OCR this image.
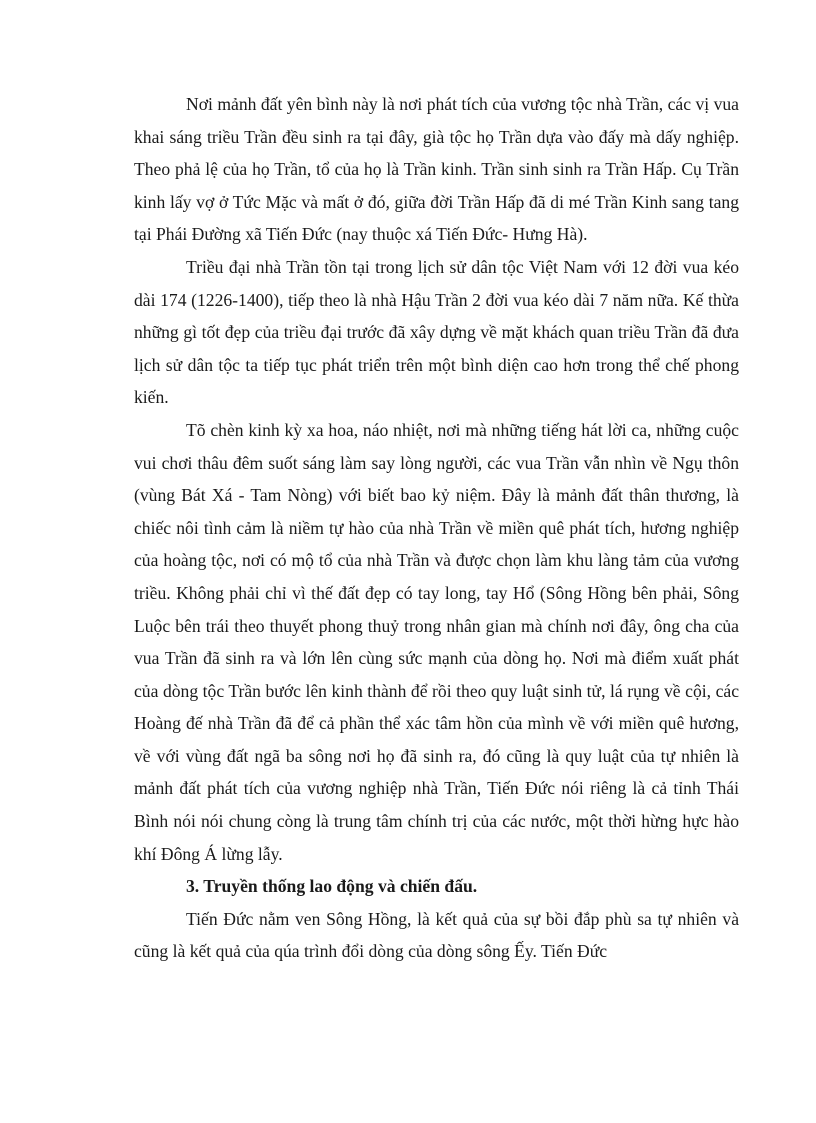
Nơi mảnh đất yên bình này là nơi phát tích của vương tộc nhà Trần, các vị vua khai sáng triều Trần đều sinh ra tại đây, già tộc họ Trần dựa vào đấy mà dấy nghiệp. Theo phả lệ của họ Trần, tổ của họ là Trần kinh. Trần sinh sinh ra Trần Hấp. Cụ Trần kinh lấy vợ ở Tức Mặc và mất ở đó, giữa đời Trần Hấp đã di mé Trần Kinh sang tang tại Phái Đường xã Tiến Đức (nay thuộc xá Tiến Đức- Hưng Hà).

Triều đại nhà Trần tồn tại trong lịch sử dân tộc Việt Nam với 12 đời vua kéo dài 174 (1226-1400), tiếp theo là nhà Hậu Trần 2 đời vua kéo dài 7 năm nữa. Kế thừa những gì tốt đẹp của triều đại trước đã xây dựng về mặt khách quan triều Trần đã đưa lịch sử dân tộc ta tiếp tục phát triển trên một bình diện cao hơn trong thể chế phong kiến.

Tõ chèn kinh kỳ xa hoa, náo nhiệt, nơi mà những tiếng hát lời ca, những cuộc vui chơi thâu đêm suốt sáng làm say lòng người, các vua Trần vẫn nhìn về Ngụ thôn (vùng Bát Xá - Tam Nòng) với biết bao kỷ niệm. Đây là mảnh đất thân thương, là chiếc nôi tình cảm là niềm tự hào của nhà Trần về miền quê phát tích, hương nghiệp của hoàng tộc, nơi có mộ tổ của nhà Trần và được chọn làm khu làng tảm của vương triều. Không phải chỉ vì thế đất đẹp có tay long, tay Hổ (Sông Hồng bên phải, Sông Luộc bên trái theo thuyết phong thuỷ trong nhân gian mà chính nơi đây, ông cha của vua Trần đã sinh ra và lớn lên cùng sức mạnh của dòng họ. Nơi mà điểm xuất phát của dòng tộc Trần bước lên kinh thành để rồi theo quy luật sinh tử, lá rụng về cội, các Hoàng đế nhà Trần đã để cả phần thể xác tâm hồn của mình về với miền quê hương, về với vùng đất ngã ba sông nơi họ đã sinh ra, đó cũng là quy luật của tự nhiên là mảnh đất phát tích của vương nghiệp nhà Trần, Tiến Đức nói riêng là cả tỉnh Thái Bình nói nói chung còng là trung tâm chính trị của các nước, một thời hừng hực hào khí Đông Á lừng lẫy.

3. Truyền thống lao động và chiến đấu.

Tiến Đức nằm ven Sông Hồng, là kết quả của sự bồi đắp phù sa tự nhiên và cũng là kết quả của qúa trình đổi dòng của dòng sông Ếy. Tiến Đức
